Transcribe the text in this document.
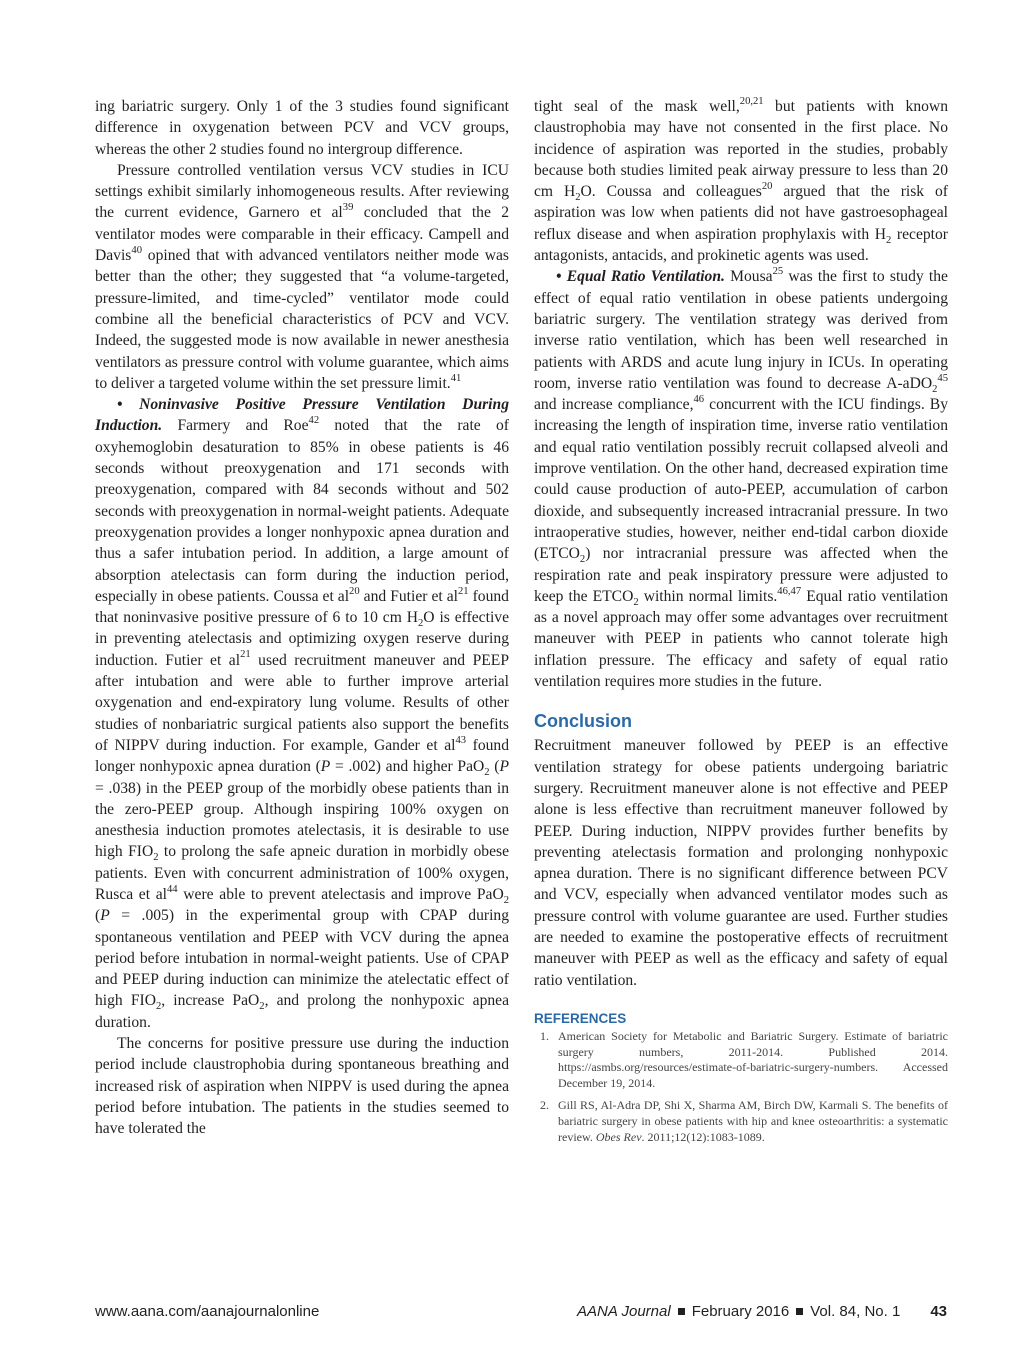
ing bariatric surgery. Only 1 of the 3 studies found significant difference in oxygenation between PCV and VCV groups, whereas the other 2 studies found no intergroup difference.

Pressure controlled ventilation versus VCV studies in ICU settings exhibit similarly inhomogeneous results. After reviewing the current evidence, Garnero et $al^{39}$ concluded that the 2 ventilator modes were comparable in their efficacy. Campell and Davis$^{40}$ opined that with advanced ventilators neither mode was better than the other; they suggested that “a volume-targeted, pressure-limited, and time-cycled” ventilator mode could combine all the beneficial characteristics of PCV and VCV. Indeed, the suggested mode is now available in newer anesthesia ventilators as pressure control with volume guarantee, which aims to deliver a targeted volume within the set pressure limit.$^{41}$

• Noninvasive Positive Pressure Ventilation During Induction. Farmery and Roe$^{42}$ noted that the rate of oxyhemoglobin desaturation to 85% in obese patients is 46 seconds without preoxygenation and 171 seconds with preoxygenation, compared with 84 seconds without and 502 seconds with preoxygenation in normal-weight patients. Adequate preoxygenation provides a longer nonhypoxic apnea duration and thus a safer intubation period. In addition, a large amount of absorption atelectasis can form during the induction period, especially in obese patients. Coussa et $al^{20}$ and Futier et $al^{21}$ found that noninvasive positive pressure of 6 to 10 cm $H_2O$ is effective in preventing atelectasis and optimizing oxygen reserve during induction. Futier et $al^{21}$ used recruitment maneuver and PEEP after intubation and were able to further improve arterial oxygenation and end-expiratory lung volume. Results of other studies of nonbariatric surgical patients also support the benefits of NIPPV during induction. For example, Gander et $al^{43}$ found longer nonhypoxic apnea duration (P = .002) and higher PaO$_2$ (P = .038) in the PEEP group of the morbidly obese patients than in the zero-PEEP group. Although inspiring 100% oxygen on anesthesia induction promotes atelectasis, it is desirable to use high $FIO_2$ to prolong the safe apneic duration in morbidly obese patients. Even with concurrent administration of 100% oxygen, Rusca et $al^{44}$ were able to prevent atelectasis and improve PaO$_2$ (P = .005) in the experimental group with CPAP during spontaneous ventilation and PEEP with VCV during the apnea period before intubation in normal-weight patients. Use of CPAP and PEEP during induction can minimize the atelectatic effect of high $FIO_2$, increase PaO$_2$, and prolong the nonhypoxic apnea duration.

The concerns for positive pressure use during the induction period include claustrophobia during spontaneous breathing and increased risk of aspiration when NIPPV is used during the apnea period before intubation. The patients in the studies seemed to have tolerated the

tight seal of the mask well,$^{20,21}$ but patients with known claustrophobia may have not consented in the first place. No incidence of aspiration was reported in the studies, probably because both studies limited peak airway pressure to less than 20 cm $H_2O$. Coussa and colleagues$^{20}$ argued that the risk of aspiration was low when patients did not have gastroesophageal reflux disease and when aspiration prophylaxis with $H_2$ receptor antagonists, antacids, and prokinetic agents was used.

• Equal Ratio Ventilation. Mousa$^{25}$ was the first to study the effect of equal ratio ventilation in obese patients undergoing bariatric surgery. The ventilation strategy was derived from inverse ratio ventilation, which has been well researched in patients with ARDS and acute lung injury in ICUs. In operating room, inverse ratio ventilation was found to decrease A-aDO$_2^{45}$ and increase compliance,$^{46}$ concurrent with the ICU findings. By increasing the length of inspiration time, inverse ratio ventilation and equal ratio ventilation possibly recruit collapsed alveoli and improve ventilation. On the other hand, decreased expiration time could cause production of auto-PEEP, accumulation of carbon dioxide, and subsequently increased intracranial pressure. In two intraoperative studies, however, neither end-tidal carbon dioxide $(ETCO_2)$ nor intracranial pressure was affected when the respiration rate and peak inspiratory pressure were adjusted to keep the $ETCO_2$ within normal limits.$^{46,47}$ Equal ratio ventilation as a novel approach may offer some advantages over recruitment maneuver with PEEP in patients who cannot tolerate high inflation pressure. The efficacy and safety of equal ratio ventilation requires more studies in the future.

Conclusion

Recruitment maneuver followed by PEEP is an effective ventilation strategy for obese patients undergoing bariatric surgery. Recruitment maneuver alone is not effective and PEEP alone is less effective than recruitment maneuver followed by PEEP. During induction, NIPPV provides further benefits by preventing atelectasis formation and prolonging nonhypoxic apnea duration. There is no significant difference between PCV and VCV, especially when advanced ventilator modes such as pressure control with volume guarantee are used. Further studies are needed to examine the postoperative effects of recruitment maneuver with PEEP as well as the efficacy and safety of equal ratio ventilation.

REFERENCES
1. American Society for Metabolic and Bariatric Surgery. Estimate of bariatric surgery numbers, 2011-2014. Published 2014. https://asmbs.org/resources/estimate-of-bariatric-surgery-numbers. Accessed December 19, 2014.
2. Gill RS, Al-Adra DP, Shi X, Sharma AM, Birch DW, Karmali S. The benefits of bariatric surgery in obese patients with hip and knee osteoarthritis: a systematic review. Obes Rev. 2011;12(12):1083-1089.
www.aana.com/aanajournalonline	AANA Journal February 2016 Vol. 84, No. 1 43
